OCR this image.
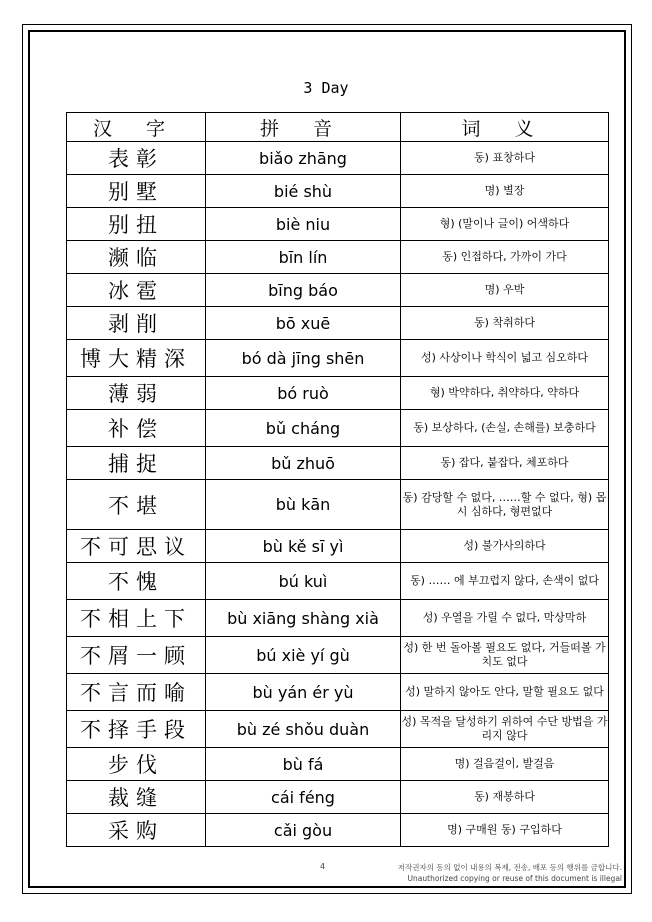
3 Day
汉 字	拼 音	词 义
表彰	biǎo zhāng	동) 표창하다
别墅	bié shù	명) 별장
别扭	biè niu	형) (말이나 글이) 어색하다
濒临	bīn lín	동) 인접하다, 가까이 가다
冰雹	bīng báo	명) 우박
剥削	bō xuē	동) 착취하다
博大精深	bó dà jīng shēn	성) 사상이나 학식이 넓고 심오하다
薄弱	bó ruò	형) 박약하다, 취약하다, 약하다
补偿	bǔ cháng	동) 보상하다, (손실, 손해를) 보충하다
捕捉	bǔ zhuō	동) 잡다, 붙잡다, 체포하다
不堪	bù kān	동) 감당할 수 없다, ……할 수 없다, 형) 몹시 심하다, 형편없다
不可思议	bù kě sī yì	성) 불가사의하다
不愧	bú kuì	동) …… 에 부끄럽지 않다, 손색이 없다
不相上下	bù xiāng shàng xià	성) 우열을 가릴 수 없다, 막상막하
不屑一顾	bú xiè yí gù	성) 한 번 돌아볼 필요도 없다, 거들떠볼 가치도 없다
不言而喻	bù yán ér yù	성) 말하지 않아도 안다, 말할 필요도 없다
不择手段	bù zé shǒu duàn	성) 목적을 달성하기 위하여 수단 방법을 가리지 않다
步伐	bù fá	명) 걸음걸이, 발걸음
裁缝	cái féng	동) 재봉하다
采购	cǎi gòu	명) 구매원 동) 구입하다
4	저작권자의 동의 없이 내용의 복제, 전송, 배포 등의 행위를 금합니다.
Unauthorized copying or reuse of this document is illegal
